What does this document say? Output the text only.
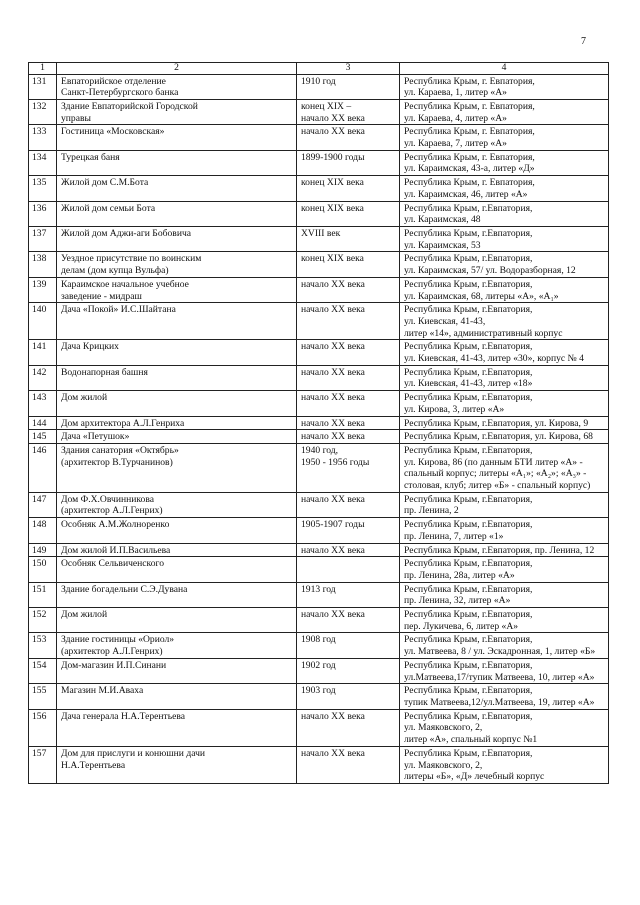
7
1	2	3	4
131	Евпаторийское отделение
Санкт-Петербургского банка	1910 год	Республика Крым, г. Евпатория,
ул. Караева, 1, литер «А»
132	Здание Евпаторийской Городской
управы	конец XIX –
начало XX века	Республика Крым, г. Евпатория,
ул. Караева, 4, литер «А»
133	Гостиница «Московская»	начало XX века	Республика Крым, г. Евпатория,
ул. Караева, 7, литер «А»
134	Турецкая баня	1899-1900 годы	Республика Крым, г. Евпатория,
ул. Караимская, 43-а, литер «Д»
135	Жилой дом С.М.Бота	конец XIX века	Республика Крым, г. Евпатория,
ул. Караимская, 46, литер «А»
136	Жилой дом семьи Бота	конец XIX века	Республика Крым, г.Евпатория,
ул. Караимская, 48
137	Жилой дом Аджи-аги Бобовича	XVIII век	Республика Крым, г.Евпатория,
ул. Караимская, 53
138	Уездное присутствие по воинским
делам (дом купца Вульфа)	конец XIX века	Республика Крым, г.Евпатория,
ул. Караимская, 57/ ул. Водоразборная, 12
139	Караимское начальное учебное
заведение - мидраш	начало XX века	Республика Крым, г.Евпатория,
ул. Караимская, 68, литеры «А», «А₁»
140	Дача «Покой» И.С.Шайтана	начало XX века	Республика Крым, г.Евпатория,
ул. Киевская, 41-43,
литер «14», административный корпус
141	Дача Крицких	начало XX века	Республика Крым, г.Евпатория,
ул. Киевская, 41-43, литер «30», корпус № 4
142	Водонапорная башня	начало XX века	Республика Крым, г.Евпатория,
ул. Киевская, 41-43, литер «18»
143	Дом жилой	начало XX века	Республика Крым, г.Евпатория,
ул. Кирова, 3, литер «А»
144	Дом архитектора А.Л.Генриха	начало XX века	Республика Крым, г.Евпатория, ул. Кирова, 9
145	Дача «Петушок»	начало XX века	Республика Крым, г.Евпатория, ул. Кирова, 68
146	Здания санатория «Октябрь»
(архитектор В.Турчанинов)	1940 год,
1950 - 1956 годы	Республика Крым, г.Евпатория,
ул. Кирова, 86 (по данным БТИ литер «А» -
спальный корпус; литеры «А₁»; «А₂»; «А₃» -
столовая, клуб; литер «Б» - спальный корпус)
147	Дом Ф.Х.Овчинникова
(архитектор А.Л.Генрих)	начало XX века	Республика Крым, г.Евпатория,
пр. Ленина, 2
148	Особняк А.М.Жолноренко	1905-1907 годы	Республика Крым, г.Евпатория,
пр. Ленина, 7, литер «1»
149	Дом жилой И.П.Васильева	начало XX века	Республика Крым, г.Евпатория, пр. Ленина, 12
150	Особняк Сельвиченского		Республика Крым, г.Евпатория,
пр. Ленина, 28а, литер «А»
151	Здание богадельни С.Э.Дувана	1913 год	Республика Крым, г.Евпатория,
пр. Ленина, 32, литер «А»
152	Дом жилой	начало XX века	Республика Крым, г.Евпатория,
пер. Лукичева, 6, литер «А»
153	Здание гостиницы «Ориол»
(архитектор А.Л.Генрих)	1908 год	Республика Крым, г.Евпатория,
ул. Матвеева, 8 / ул. Эскадронная, 1, литер «Б»
154	Дом-магазин И.П.Синани	1902 год	Республика Крым, г.Евпатория,
ул.Матвеева,17/тупик Матвеева, 10, литер «А»
155	Магазин М.И.Аваха	1903 год	Республика Крым, г.Евпатория,
тупик Матвеева,12/ул.Матвеева, 19, литер «А»
156	Дача генерала Н.А.Терентьева	начало XX века	Республика Крым, г.Евпатория,
ул. Маяковского, 2,
литер «А», спальный корпус №1
157	Дом для прислуги и конюшни дачи
Н.А.Терентьева	начало XX века	Республика Крым, г.Евпатория,
ул. Маяковского, 2,
литеры «Б», «Д» лечебный корпус
